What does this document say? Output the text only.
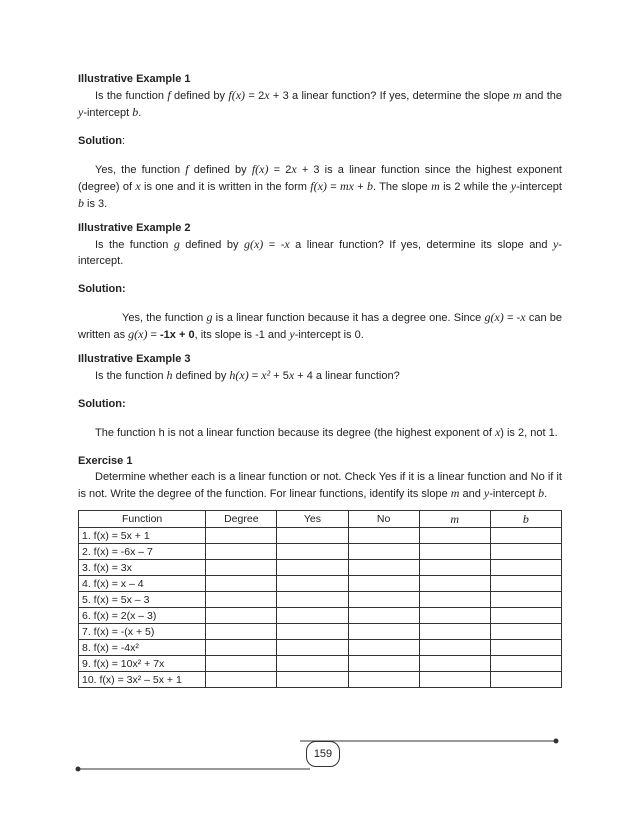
Illustrative Example 1

Is the function f defined by f(x) = 2x + 3 a linear function? If yes, determine the slope m and the y-intercept b.

Solution:

Yes, the function f defined by f(x) = 2x + 3 is a linear function since the highest exponent (degree) of x is one and it is written in the form f(x) = mx + b. The slope m is 2 while the y-intercept b is 3.

Illustrative Example 2

Is the function g defined by g(x) = -x a linear function? If yes, determine its slope and y-intercept.

Solution:

Yes, the function g is a linear function because it has a degree one. Since g(x) = -x can be written as g(x) = -1x + 0, its slope is -1 and y-intercept is 0.

Illustrative Example 3

Is the function h defined by h(x) = x² + 5x + 4 a linear function?

Solution:

The function h is not a linear function because its degree (the highest exponent of x) is 2, not 1.

Exercise 1

Determine whether each is a linear function or not. Check Yes if it is a linear function and No if it is not. Write the degree of the function. For linear functions, identify its slope m and y-intercept b.

Function	Degree	Yes	No	m	b
1. f(x) = 5x + 1					
2. f(x) = -6x – 7					
3. f(x) = 3x					
4. f(x) = x – 4					
5. f(x) = 5x – 3					
6. f(x) = 2(x – 3)					
7. f(x) = -(x + 5)					
8. f(x) = -4x²					
9. f(x) = 10x² + 7x					
10. f(x) = 3x² – 5x + 1					
159
